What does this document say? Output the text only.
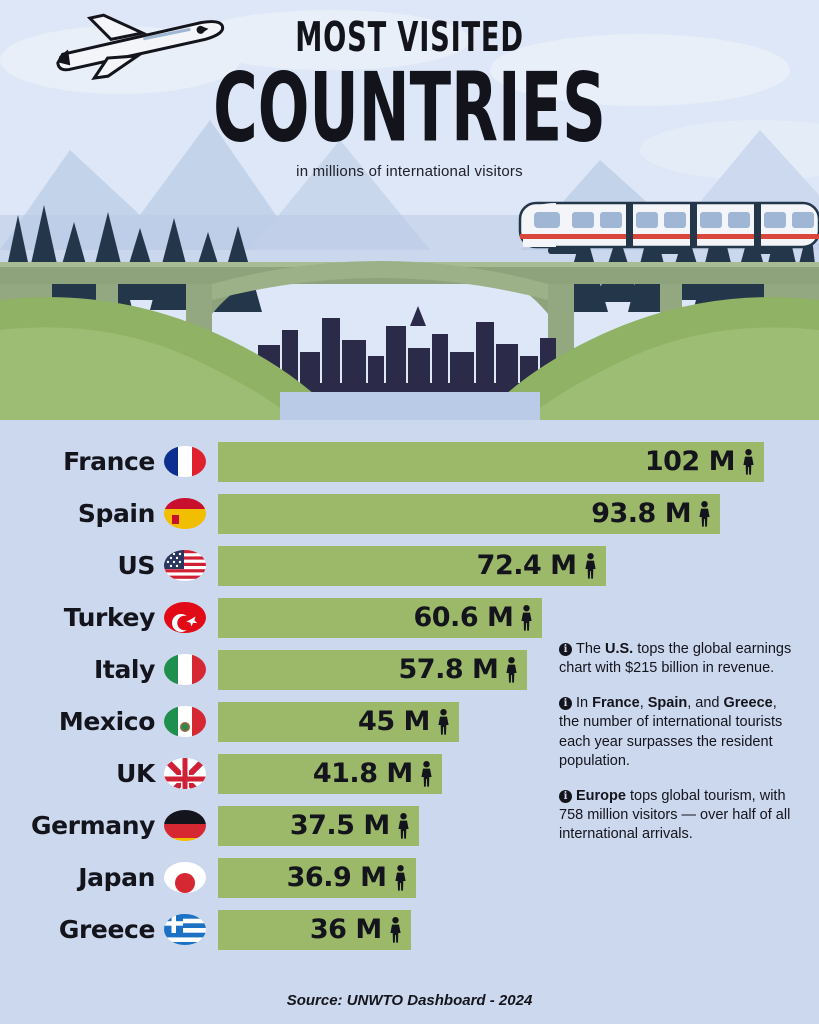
MOST VISITED
COUNTRIES
in millions of international visitors
France	102 M
Spain	93.8 M
US	72.4 M
Turkey	60.6 M
Italy	57.8 M
Mexico	45 M
UK	41.8 M
Germany	37.5 M
Japan	36.9 M
Greece	36 M
i The U.S. tops the global earnings chart with $215 billion in revenue.
i In France, Spain, and Greece, the number of international tourists each year surpasses the resident population.
i Europe tops global tourism, with 758 million visitors — over half of all international arrivals.
Source: UNWTO Dashboard - 2024
